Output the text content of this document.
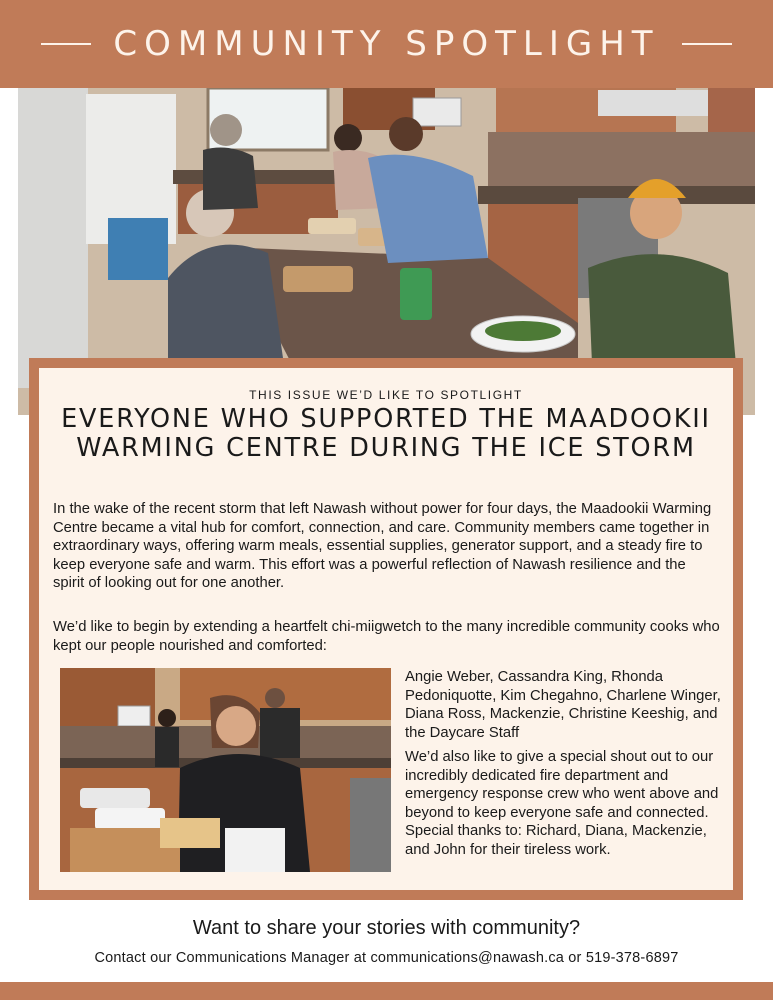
COMMUNITY SPOTLIGHT
THIS ISSUE WE’D LIKE TO SPOTLIGHT
EVERYONE WHO SUPPORTED THE MAADOOKII WARMING CENTRE DURING THE ICE STORM

In the wake of the recent storm that left Nawash without power for four days, the Maadookii Warming Centre became a vital hub for comfort, connection, and care. Community members came together in extraordinary ways, offering warm meals, essential supplies, generator support, and a steady fire to keep everyone safe and warm. This effort was a powerful reflection of Nawash resilience and the spirit of looking out for one another.

We’d like to begin by extending a heartfelt chi-miigwetch to the many incredible community cooks who kept our people nourished and comforted:

Angie Weber, Cassandra King, Rhonda Pedoniquotte, Kim Chegahno, Charlene Winger, Diana Ross, Mackenzie, Christine Keeshig, and the Daycare Staff

We’d also like to give a special shout out to our incredibly dedicated fire department and emergency response crew who went above and beyond to keep everyone safe and connected. Special thanks to: Richard, Diana, Mackenzie, and John for their tireless work.

Want to share your stories with community?
Contact our Communications Manager at communications@nawash.ca or 519-378-6897
